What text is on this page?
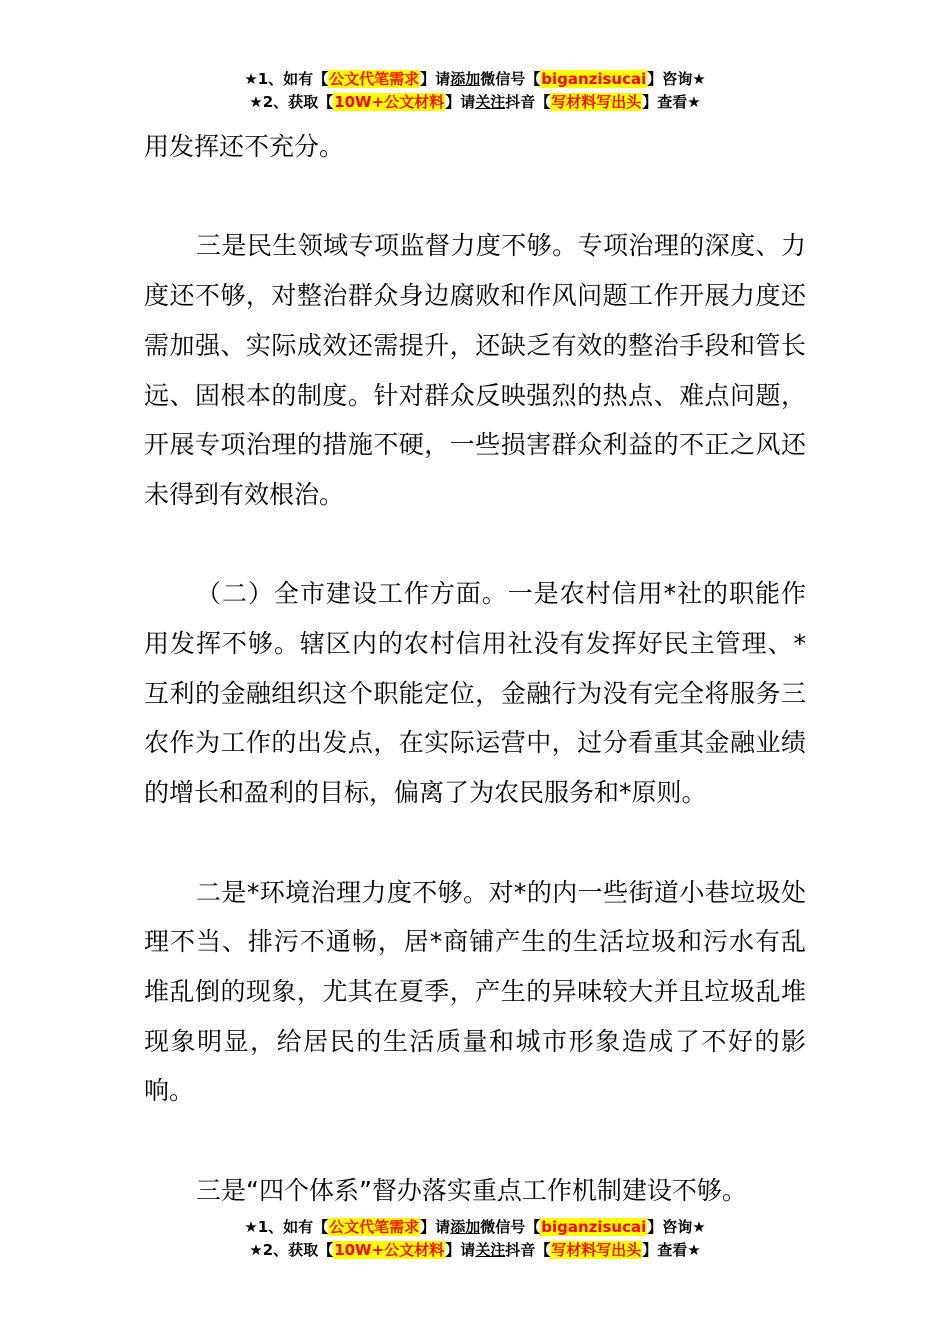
★1、如有【公文代笔需求】请添加微信号【biganzisucai】咨询★
★2、获取【10W+公文材料】请关注抖音【写材料写出头】查看★

用发挥还不充分。

三是民生领域专项监督力度不够。专项治理的深度、力度还不够，对整治群众身边腐败和作风问题工作开展力度还需加强、实际成效还需提升，还缺乏有效的整治手段和管长远、固根本的制度。针对群众反映强烈的热点、难点问题，开展专项治理的措施不硬，一些损害群众利益的不正之风还未得到有效根治。

（二）全市建设工作方面。一是农村信用*社的职能作用发挥不够。辖区内的农村信用社没有发挥好民主管理、*互利的金融组织这个职能定位，金融行为没有完全将服务三农作为工作的出发点，在实际运营中，过分看重其金融业绩的增长和盈利的目标，偏离了为农民服务和*原则。

二是*环境治理力度不够。对*的内一些街道小巷垃圾处理不当、排污不通畅，居*商铺产生的生活垃圾和污水有乱堆乱倒的现象，尤其在夏季，产生的异味较大并且垃圾乱堆现象明显，给居民的生活质量和城市形象造成了不好的影响。

三是“四个体系”督办落实重点工作机制建设不够。

★1、如有【公文代笔需求】请添加微信号【biganzisucai】咨询★
★2、获取【10W+公文材料】请关注抖音【写材料写出头】查看★
